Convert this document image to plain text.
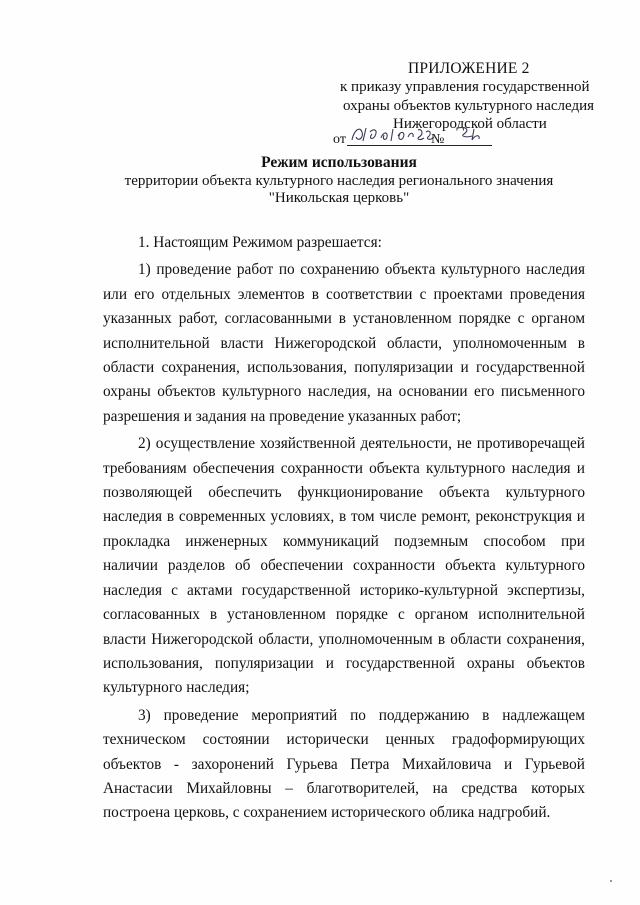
ПРИЛОЖЕНИЕ 2
к приказу управления государственной
охраны объектов культурного наследия
Нижегородской области
от	№
Режим использования
территории объекта культурного наследия регионального значения
"Никольская церковь"

1. Настоящим Режимом разрешается:

1) проведение работ по сохранению объекта культурного наследия или его отдельных элементов в соответствии с проектами проведения указанных работ, согласованными в установленном порядке с органом исполнительной власти Нижегородской области, уполномоченным в области сохранения, использования, популяризации и государственной охраны объектов культурного наследия, на основании его письменного разрешения и задания на проведение указанных работ;

2) осуществление хозяйственной деятельности, не противоречащей требованиям обеспечения сохранности объекта культурного наследия и позволяющей обеспечить функционирование объекта культурного наследия в современных условиях, в том числе ремонт, реконструкция и прокладка инженерных коммуникаций подземным способом при наличии разделов об обеспечении сохранности объекта культурного наследия с актами государственной историко-культурной экспертизы, согласованных в установленном порядке с органом исполнительной власти Нижегородской области, уполномоченным в области сохранения, использования, популяризации и государственной охраны объектов культурного наследия;

3) проведение мероприятий по поддержанию в надлежащем техническом состоянии исторически ценных градоформирующих объектов - захоронений Гурьева Петра Михайловича и Гурьевой Анастасии Михайловны – благотворителей, на средства которых построена церковь, с сохранением исторического облика надгробий.
